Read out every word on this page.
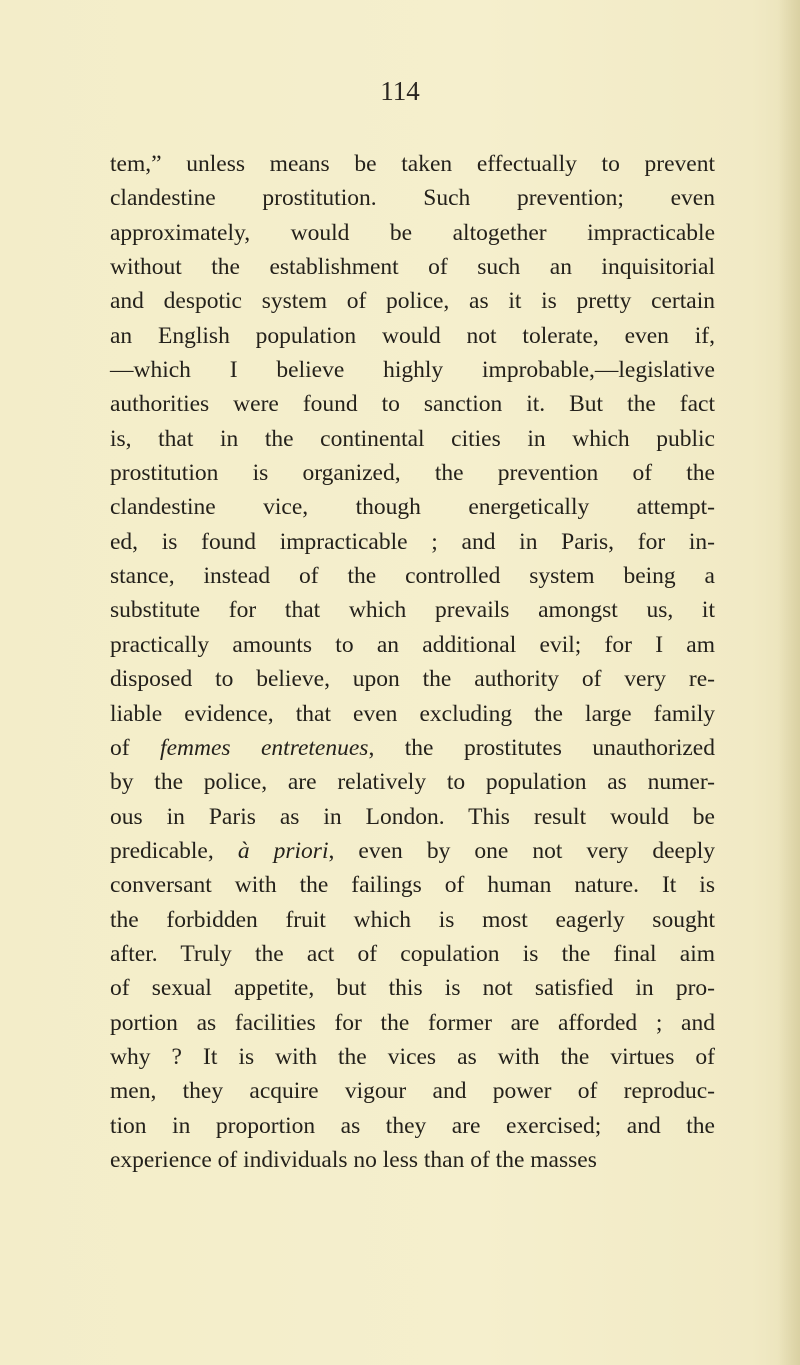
114
tem,” unless means be taken effectually to prevent
clandestine prostitution. Such prevention; even
approximately, would be altogether impracticable
without the establishment of such an inquisitorial
and despotic system of police, as it is pretty certain
an English population would not tolerate, even if,
—which I believe highly improbable,—legislative
authorities were found to sanction it. But the fact
is, that in the continental cities in which public
prostitution is organized, the prevention of the
clandestine vice, though energetically attempt-
ed, is found impracticable ; and in Paris, for in-
stance, instead of the controlled system being a
substitute for that which prevails amongst us, it
practically amounts to an additional evil; for I am
disposed to believe, upon the authority of very re-
liable evidence, that even excluding the large family
of femmes entretenues, the prostitutes unauthorized
by the police, are relatively to population as numer-
ous in Paris as in London. This result would be
predicable, à priori, even by one not very deeply
conversant with the failings of human nature. It is
the forbidden fruit which is most eagerly sought
after. Truly the act of copulation is the final aim
of sexual appetite, but this is not satisfied in pro-
portion as facilities for the former are afforded ; and
why ? It is with the vices as with the virtues of
men, they acquire vigour and power of reproduc-
tion in proportion as they are exercised; and the
experience of individuals no less than of the masses
